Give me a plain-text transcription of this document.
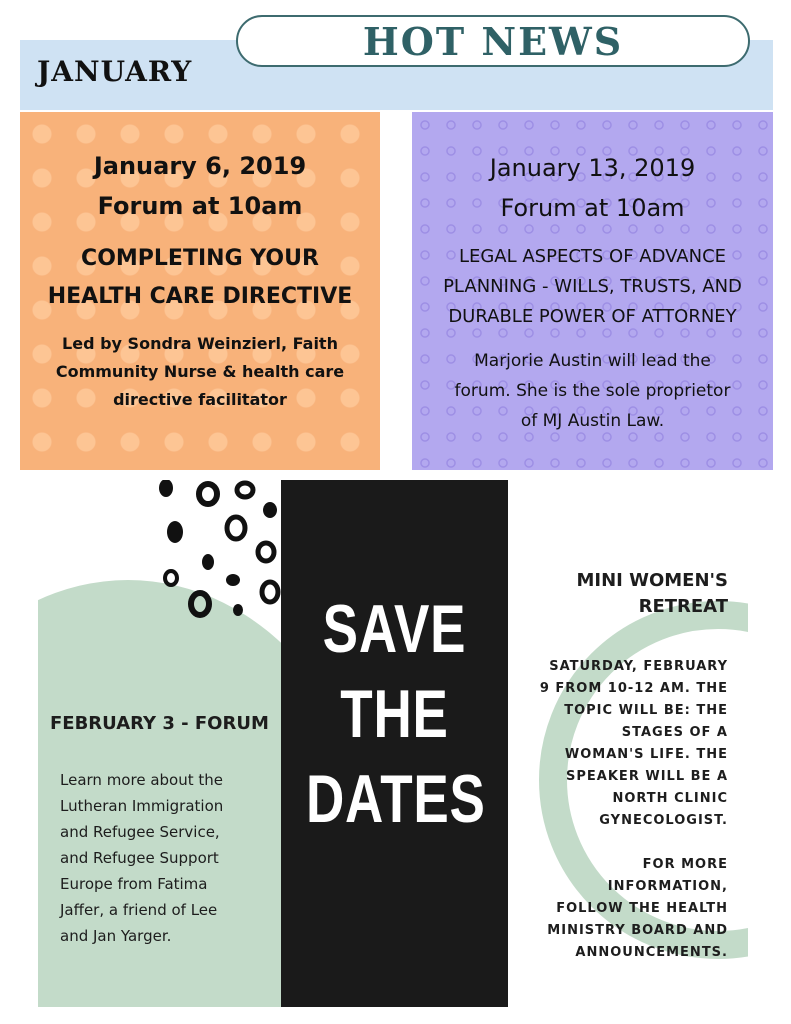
JANUARY
HOT NEWS
January 6, 2019
Forum at 10am
COMPLETING YOUR
HEALTH CARE DIRECTIVE
Led by Sondra Weinzierl, Faith
Community Nurse & health care
directive facilitator
January 13, 2019
Forum at 10am
LEGAL ASPECTS OF ADVANCE
PLANNING - WILLS, TRUSTS, AND
DURABLE POWER OF ATTORNEY
Marjorie Austin will lead the
forum. She is the sole proprietor
of MJ Austin Law.
FEBRUARY 3 - FORUM
Learn more about the
Lutheran Immigration
and Refugee Service,
and Refugee Support
Europe from Fatima
Jaffer, a friend of Lee
and Jan Yarger.
SAVE
THE
DATES
MINI WOMEN'S
RETREAT
SATURDAY, FEBRUARY
9 FROM 10-12 AM. THE
TOPIC WILL BE: THE
STAGES OF A
WOMAN'S LIFE. THE
SPEAKER WILL BE A
NORTH CLINIC
GYNECOLOGIST.
FOR MORE
INFORMATION,
FOLLOW THE HEALTH
MINISTRY BOARD AND
ANNOUNCEMENTS.
